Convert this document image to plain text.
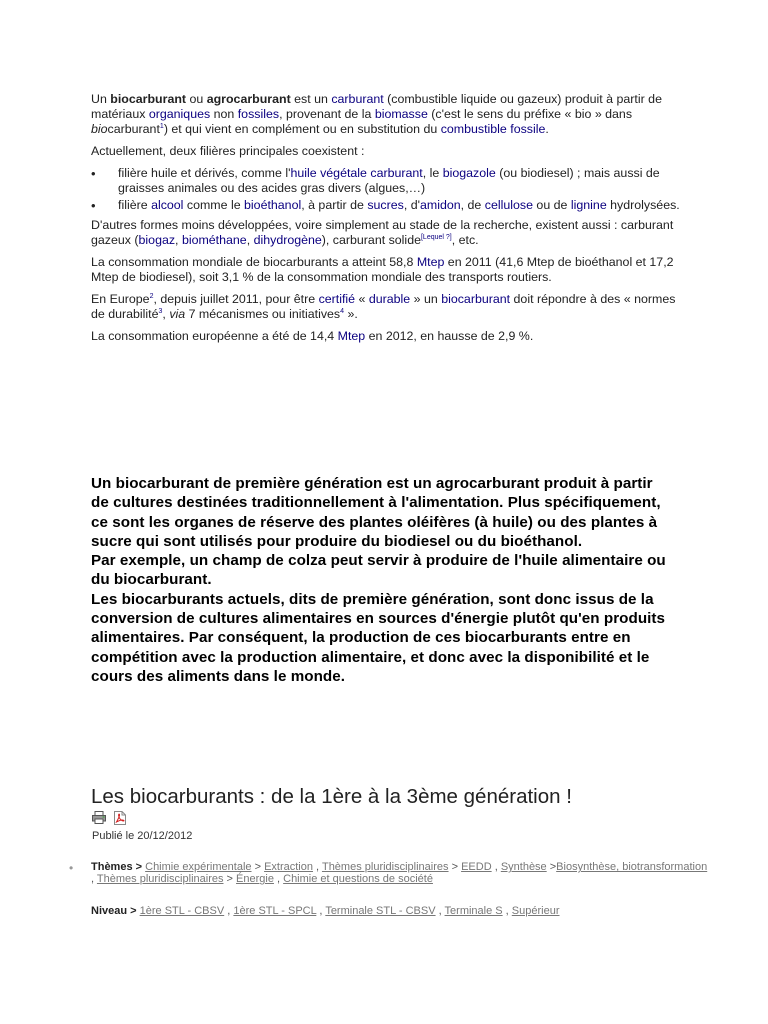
Un biocarburant ou agrocarburant est un carburant (combustible liquide ou gazeux) produit à partir de matériaux organiques non fossiles, provenant de la biomasse (c'est le sens du préfixe « bio » dans biocarburant$^1$) et qui vient en complément ou en substitution du combustible fossile.

Actuellement, deux filières principales coexistent :

• filière huile et dérivés, comme l'huile végétale carburant, le biogazole (ou biodiesel) ; mais aussi de graisses animales ou des acides gras divers (algues,…)
• filière alcool comme le bioéthanol, à partir de sucres, d'amidon, de cellulose ou de lignine hydrolysées.

D'autres formes moins développées, voire simplement au stade de la recherche, existent aussi : carburant gazeux (biogaz, biométhane, dihydrogène), carburant solide[Lequel ?], etc.

La consommation mondiale de biocarburants a atteint 58,8 Mtep en 2011 (41,6 Mtep de bioéthanol et 17,2 Mtep de biodiesel), soit 3,1 % de la consommation mondiale des transports routiers.

En Europe$^2$, depuis juillet 2011, pour être certifié « durable » un biocarburant doit répondre à des « normes de durabilité$^3$, via 7 mécanismes ou initiatives$^4$ ».

La consommation européenne a été de 14,4 Mtep en 2012, en hausse de 2,9 %.

Un biocarburant de première génération est un agrocarburant produit à partir de cultures destinées traditionnellement à l'alimentation. Plus spécifiquement, ce sont les organes de réserve des plantes oléifères (à huile) ou des plantes à sucre qui sont utilisés pour produire du biodiesel ou du bioéthanol.

Par exemple, un champ de colza peut servir à produire de l'huile alimentaire ou du biocarburant.

Les biocarburants actuels, dits de première génération, sont donc issus de la conversion de cultures alimentaires en sources d'énergie plutôt qu'en produits alimentaires. Par conséquent, la production de ces biocarburants entre en compétition avec la production alimentaire, et donc avec la disponibilité et le cours des aliments dans le monde.

Les biocarburants : de la 1ère à la 3ème génération !

Publié le 20/12/2012
•	Thèmes > Chimie expérimentale > Extraction , Thèmes pluridisciplinaires > EEDD , Synthèse >Biosynthèse, biotransformation , Thèmes pluridisciplinaires > Énergie , Chimie et questions de société
Niveau > 1ère STL - CBSV , 1ère STL - SPCL , Terminale STL - CBSV , Terminale S , Supérieur
